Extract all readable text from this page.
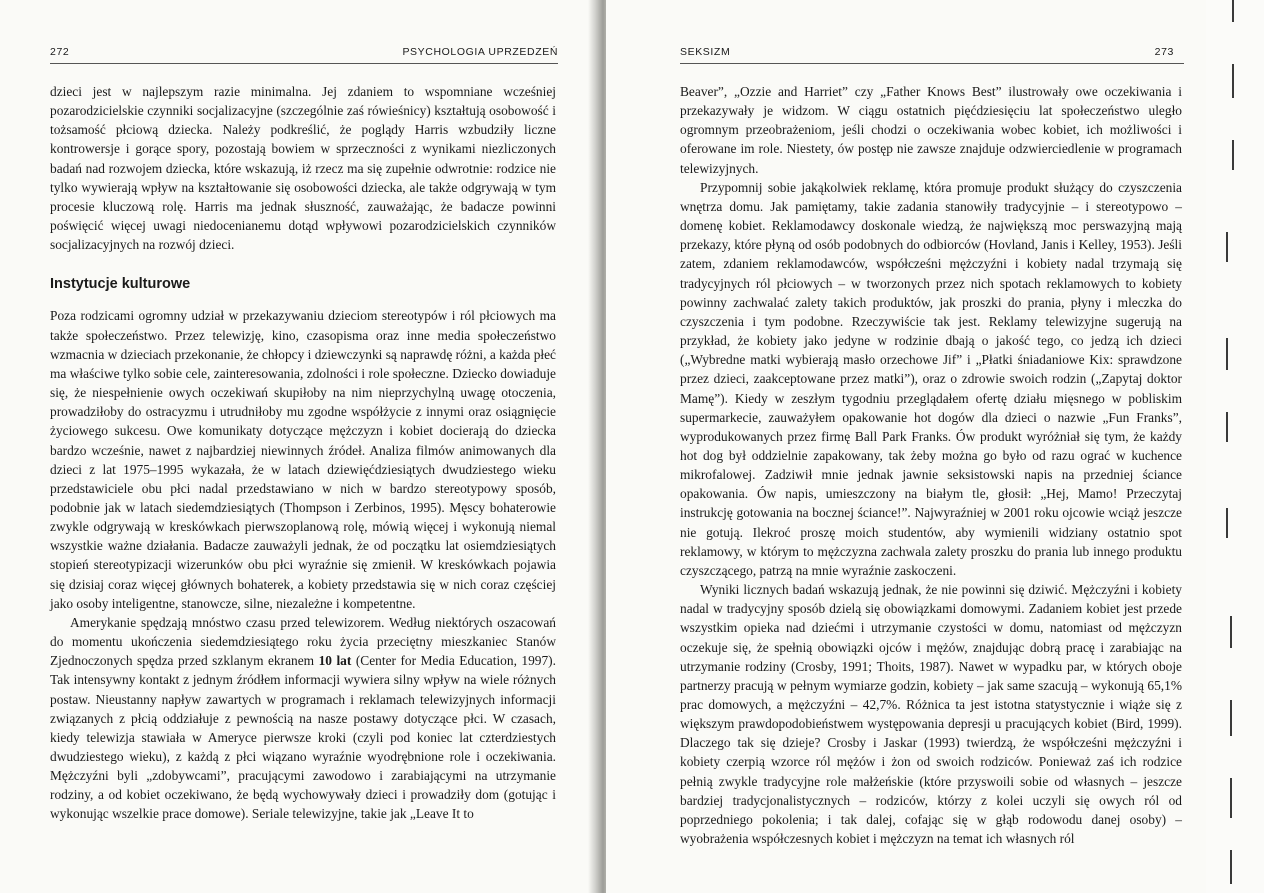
272	PSYCHOLOGIA UPRZEDZEŃ

dzieci jest w najlepszym razie minimalna. Jej zdaniem to wspomniane wcześniej pozarodzicielskie czynniki socjalizacyjne (szczególnie zaś rówieśnicy) kształtują osobowość i tożsamość płciową dziecka. Należy podkreślić, że poglądy Harris wzbudziły liczne kontrowersje i gorące spory, pozostają bowiem w sprzeczności z wynikami niezliczonych badań nad rozwojem dziecka, które wskazują, iż rzecz ma się zupełnie odwrotnie: rodzice nie tylko wywierają wpływ na kształtowanie się osobowości dziecka, ale także odgrywają w tym procesie kluczową rolę. Harris ma jednak słuszność, zauważając, że badacze powinni poświęcić więcej uwagi niedocenianemu dotąd wpływowi pozarodzicielskich czynników socjalizacyjnych na rozwój dzieci.

Instytucje kulturowe

Poza rodzicami ogromny udział w przekazywaniu dzieciom stereotypów i ról płciowych ma także społeczeństwo. Przez telewizję, kino, czasopisma oraz inne media społeczeństwo wzmacnia w dzieciach przekonanie, że chłopcy i dziewczynki są naprawdę różni, a każda płeć ma właściwe tylko sobie cele, zainteresowania, zdolności i role społeczne. Dziecko dowiaduje się, że niespełnienie owych oczekiwań skupiłoby na nim nieprzychylną uwagę otoczenia, prowadziłoby do ostracyzmu i utrudniłoby mu zgodne współżycie z innymi oraz osiągnięcie życiowego sukcesu. Owe komunikaty dotyczące mężczyzn i kobiet docierają do dziecka bardzo wcześnie, nawet z najbardziej niewinnych źródeł. Analiza filmów animowanych dla dzieci z lat 1975–1995 wykazała, że w latach dziewięćdziesiątych dwudziestego wieku przedstawiciele obu płci nadal przedstawiano w nich w bardzo stereotypowy sposób, podobnie jak w latach siedemdziesiątych (Thompson i Zerbinos, 1995). Męscy bohaterowie zwykle odgrywają w kreskówkach pierwszoplanową rolę, mówią więcej i wykonują niemal wszystkie ważne działania. Badacze zauważyli jednak, że od początku lat osiemdziesiątych stopień stereotypizacji wizerunków obu płci wyraźnie się zmienił. W kreskówkach pojawia się dzisiaj coraz więcej głównych bohaterek, a kobiety przedstawia się w nich coraz częściej jako osoby inteligentne, stanowcze, silne, niezależne i kompetentne.

Amerykanie spędzają mnóstwo czasu przed telewizorem. Według niektórych oszacowań do momentu ukończenia siedemdziesiątego roku życia przeciętny mieszkaniec Stanów Zjednoczonych spędza przed szklanym ekranem 10 lat (Center for Media Education, 1997). Tak intensywny kontakt z jednym źródłem informacji wywiera silny wpływ na wiele różnych postaw. Nieustanny napływ zawartych w programach i reklamach telewizyjnych informacji związanych z płcią oddziałuje z pewnością na nasze postawy dotyczące płci. W czasach, kiedy telewizja stawiała w Ameryce pierwsze kroki (czyli pod koniec lat czterdziestych dwudziestego wieku), z każdą z płci wiązano wyraźnie wyodrębnione role i oczekiwania. Mężczyźni byli „zdobywcami”, pracującymi zawodowo i zarabiającymi na utrzymanie rodziny, a od kobiet oczekiwano, że będą wychowywały dzieci i prowadziły dom (gotując i wykonując wszelkie prace domowe). Seriale telewizyjne, takie jak „Leave It to

SEKSIZM	273

Beaver”, „Ozzie and Harriet” czy „Father Knows Best” ilustrowały owe oczekiwania i przekazywały je widzom. W ciągu ostatnich pięćdziesięciu lat społeczeństwo uległo ogromnym przeobrażeniom, jeśli chodzi o oczekiwania wobec kobiet, ich możliwości i oferowane im role. Niestety, ów postęp nie zawsze znajduje odzwierciedlenie w programach telewizyjnych.

Przypomnij sobie jakąkolwiek reklamę, która promuje produkt służący do czyszczenia wnętrza domu. Jak pamiętamy, takie zadania stanowiły tradycyjnie – i stereotypowo – domenę kobiet. Reklamodawcy doskonale wiedzą, że największą moc perswazyjną mają przekazy, które płyną od osób podobnych do odbiorców (Hovland, Janis i Kelley, 1953). Jeśli zatem, zdaniem reklamodawców, współcześni mężczyźni i kobiety nadal trzymają się tradycyjnych ról płciowych – w tworzonych przez nich spotach reklamowych to kobiety powinny zachwalać zalety takich produktów, jak proszki do prania, płyny i mleczka do czyszczenia i tym podobne. Rzeczywiście tak jest. Reklamy telewizyjne sugerują na przykład, że kobiety jako jedyne w rodzinie dbają o jakość tego, co jedzą ich dzieci („Wybredne matki wybierają masło orzechowe Jif” i „Płatki śniadaniowe Kix: sprawdzone przez dzieci, zaakceptowane przez matki”), oraz o zdrowie swoich rodzin („Zapytaj doktor Mamę”). Kiedy w zeszłym tygodniu przeglądałem ofertę działu mięsnego w pobliskim supermarkecie, zauważyłem opakowanie hot dogów dla dzieci o nazwie „Fun Franks”, wyprodukowanych przez firmę Ball Park Franks. Ów produkt wyróżniał się tym, że każdy hot dog był oddzielnie zapakowany, tak żeby można go było od razu ograć w kuchence mikrofalowej. Zadziwił mnie jednak jawnie seksistowski napis na przedniej ściance opakowania. Ów napis, umieszczony na białym tle, głosił: „Hej, Mamo! Przeczytaj instrukcję gotowania na bocznej ściance!”. Najwyraźniej w 2001 roku ojcowie wciąż jeszcze nie gotują. Ilekroć proszę moich studentów, aby wymienili widziany ostatnio spot reklamowy, w którym to mężczyzna zachwala zalety proszku do prania lub innego produktu czyszczącego, patrzą na mnie wyraźnie zaskoczeni.

Wyniki licznych badań wskazują jednak, że nie powinni się dziwić. Mężczyźni i kobiety nadal w tradycyjny sposób dzielą się obowiązkami domowymi. Zadaniem kobiet jest przede wszystkim opieka nad dziećmi i utrzymanie czystości w domu, natomiast od mężczyzn oczekuje się, że spełnią obowiązki ojców i mężów, znajdując dobrą pracę i zarabiając na utrzymanie rodziny (Crosby, 1991; Thoits, 1987). Nawet w wypadku par, w których oboje partnerzy pracują w pełnym wymiarze godzin, kobiety – jak same szacują – wykonują 65,1% prac domowych, a mężczyźni – 42,7%. Różnica ta jest istotna statystycznie i wiąże się z większym prawdopodobieństwem występowania depresji u pracujących kobiet (Bird, 1999). Dlaczego tak się dzieje? Crosby i Jaskar (1993) twierdzą, że współcześni mężczyźni i kobiety czerpią wzorce ról mężów i żon od swoich rodziców. Ponieważ zaś ich rodzice pełnią zwykle tradycyjne role małżeńskie (które przyswoili sobie od własnych – jeszcze bardziej tradycjonalistycznych – rodziców, którzy z kolei uczyli się owych ról od poprzedniego pokolenia; i tak dalej, cofając się w głąb rodowodu danej osoby) – wyobrażenia współczesnych kobiet i mężczyzn na temat ich własnych ról
